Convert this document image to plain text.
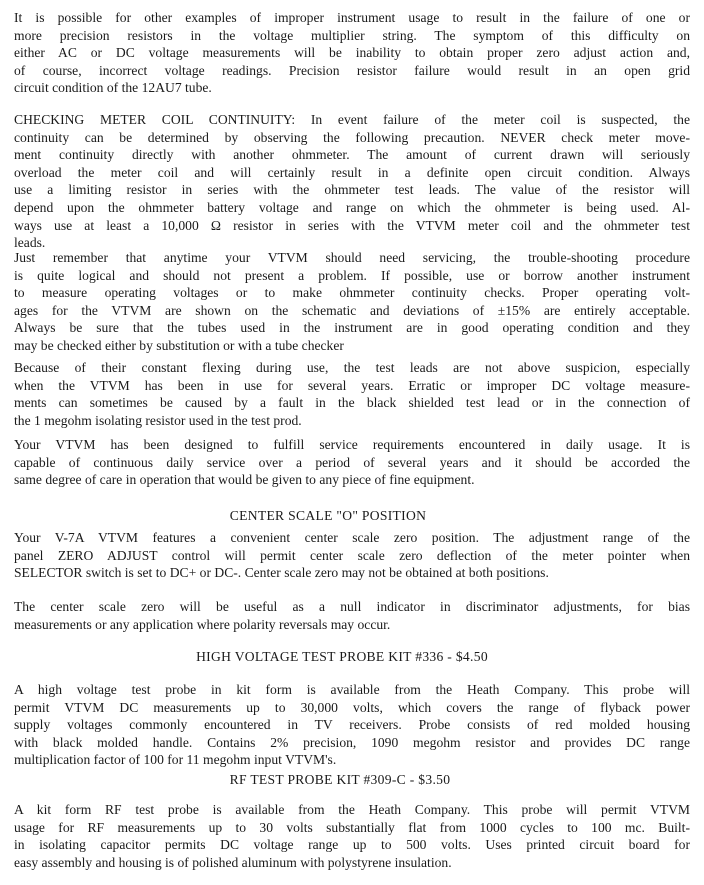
It is possible for other examples of improper instrument usage to result in the failure of one or
more precision resistors in the voltage multiplier string. The symptom of this difficulty on
either AC or DC voltage measurements will be inability to obtain proper zero adjust action and,
of course, incorrect voltage readings. Precision resistor failure would result in an open grid
circuit condition of the 12AU7 tube.
CHECKING METER COIL CONTINUITY: In event failure of the meter coil is suspected, the
continuity can be determined by observing the following precaution. NEVER check meter move-
ment continuity directly with another ohmmeter. The amount of current drawn will seriously
overload the meter coil and will certainly result in a definite open circuit condition. Always
use a limiting resistor in series with the ohmmeter test leads. The value of the resistor will
depend upon the ohmmeter battery voltage and range on which the ohmmeter is being used. Al-
ways use at least a 10,000 Ω resistor in series with the VTVM meter coil and the ohmmeter test
leads.
Just remember that anytime your VTVM should need servicing, the trouble-shooting procedure
is quite logical and should not present a problem. If possible, use or borrow another instrument
to measure operating voltages or to make ohmmeter continuity checks. Proper operating volt-
ages for the VTVM are shown on the schematic and deviations of ±15% are entirely acceptable.
Always be sure that the tubes used in the instrument are in good operating condition and they
may be checked either by substitution or with a tube checker
Because of their constant flexing during use, the test leads are not above suspicion, especially
when the VTVM has been in use for several years. Erratic or improper DC voltage measure-
ments can sometimes be caused by a fault in the black shielded test lead or in the connection of
the 1 megohm isolating resistor used in the test prod.
Your VTVM has been designed to fulfill service requirements encountered in daily usage. It is
capable of continuous daily service over a period of several years and it should be accorded the
same degree of care in operation that would be given to any piece of fine equipment.
CENTER SCALE "O" POSITION
Your V-7A VTVM features a convenient center scale zero position. The adjustment range of the
panel ZERO ADJUST control will permit center scale zero deflection of the meter pointer when
SELECTOR switch is set to DC+ or DC-. Center scale zero may not be obtained at both positions.
The center scale zero will be useful as a null indicator in discriminator adjustments, for bias
measurements or any application where polarity reversals may occur.
HIGH VOLTAGE TEST PROBE KIT #336 - $4.50
A high voltage test probe in kit form is available from the Heath Company. This probe will
permit VTVM DC measurements up to 30,000 volts, which covers the range of flyback power
supply voltages commonly encountered in TV receivers. Probe consists of red molded housing
with black molded handle. Contains 2% precision, 1090 megohm resistor and provides DC range
multiplication factor of 100 for 11 megohm input VTVM's.
RF TEST PROBE KIT #309-C - $3.50
A kit form RF test probe is available from the Heath Company. This probe will permit VTVM
usage for RF measurements up to 30 volts substantially flat from 1000 cycles to 100 mc. Built-
in isolating capacitor permits DC voltage range up to 500 volts. Uses printed circuit board for
easy assembly and housing is of polished aluminum with polystyrene insulation.
